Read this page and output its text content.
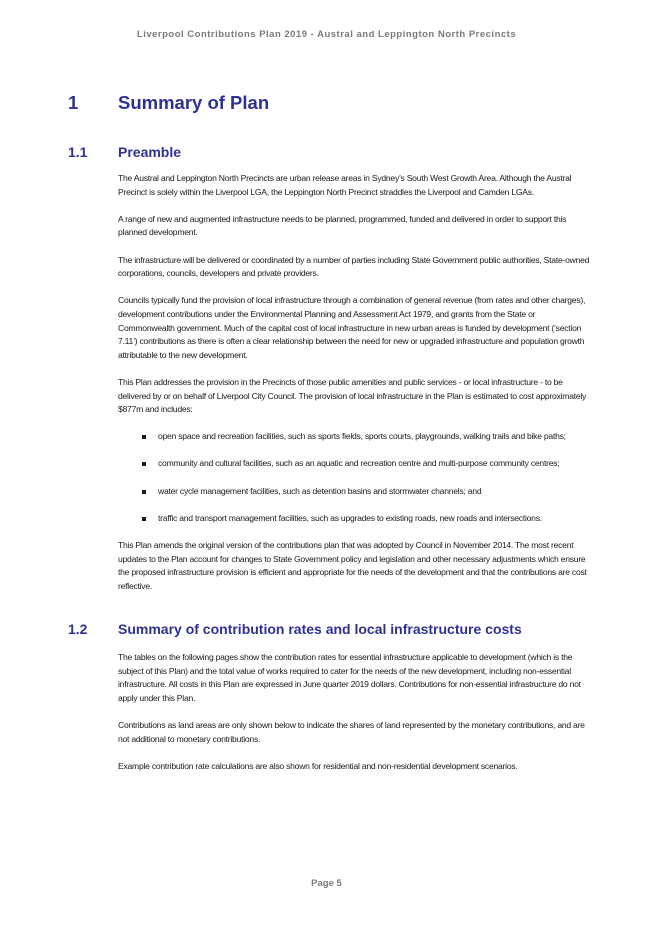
Liverpool Contributions Plan 2019 - Austral and Leppington North Precincts
1 Summary of Plan
1.1 Preamble

The Austral and Leppington North Precincts are urban release areas in Sydney’s South West Growth Area. Although the Austral Precinct is solely within the Liverpool LGA, the Leppington North Precinct straddles the Liverpool and Camden LGAs.

A range of new and augmented infrastructure needs to be planned, programmed, funded and delivered in order to support this planned development.

The infrastructure will be delivered or coordinated by a number of parties including State Government public authorities, State-owned corporations, councils, developers and private providers.

Councils typically fund the provision of local infrastructure through a combination of general revenue (from rates and other charges), development contributions under the Environmental Planning and Assessment Act 1979, and grants from the State or Commonwealth government. Much of the capital cost of local infrastructure in new urban areas is funded by development (‘section 7.11’) contributions as there is often a clear relationship between the need for new or upgraded infrastructure and population growth attributable to the new development.

This Plan addresses the provision in the Precincts of those public amenities and public services - or local infrastructure - to be delivered by or on behalf of Liverpool City Council. The provision of local infrastructure in the Plan is estimated to cost approximately $877m and includes:

open space and recreation facilities, such as sports fields, sports courts, playgrounds, walking trails and bike paths;
community and cultural facilities, such as an aquatic and recreation centre and multi-purpose community centres;
water cycle management facilities, such as detention basins and stormwater channels; and
traffic and transport management facilities, such as upgrades to existing roads, new roads and intersections.

This Plan amends the original version of the contributions plan that was adopted by Council in November 2014. The most recent updates to the Plan account for changes to State Government policy and legislation and other necessary adjustments which ensure the proposed infrastructure provision is efficient and appropriate for the needs of the development and that the contributions are cost reflective.

1.2 Summary of contribution rates and local infrastructure costs

The tables on the following pages show the contribution rates for essential infrastructure applicable to development (which is the subject of this Plan) and the total value of works required to cater for the needs of the new development, including non-essential infrastructure. All costs in this Plan are expressed in June quarter 2019 dollars. Contributions for non-essential infrastructure do not apply under this Plan.

Contributions as land areas are only shown below to indicate the shares of land represented by the monetary contributions, and are not additional to monetary contributions.

Example contribution rate calculations are also shown for residential and non-residential development scenarios.

Page 5
